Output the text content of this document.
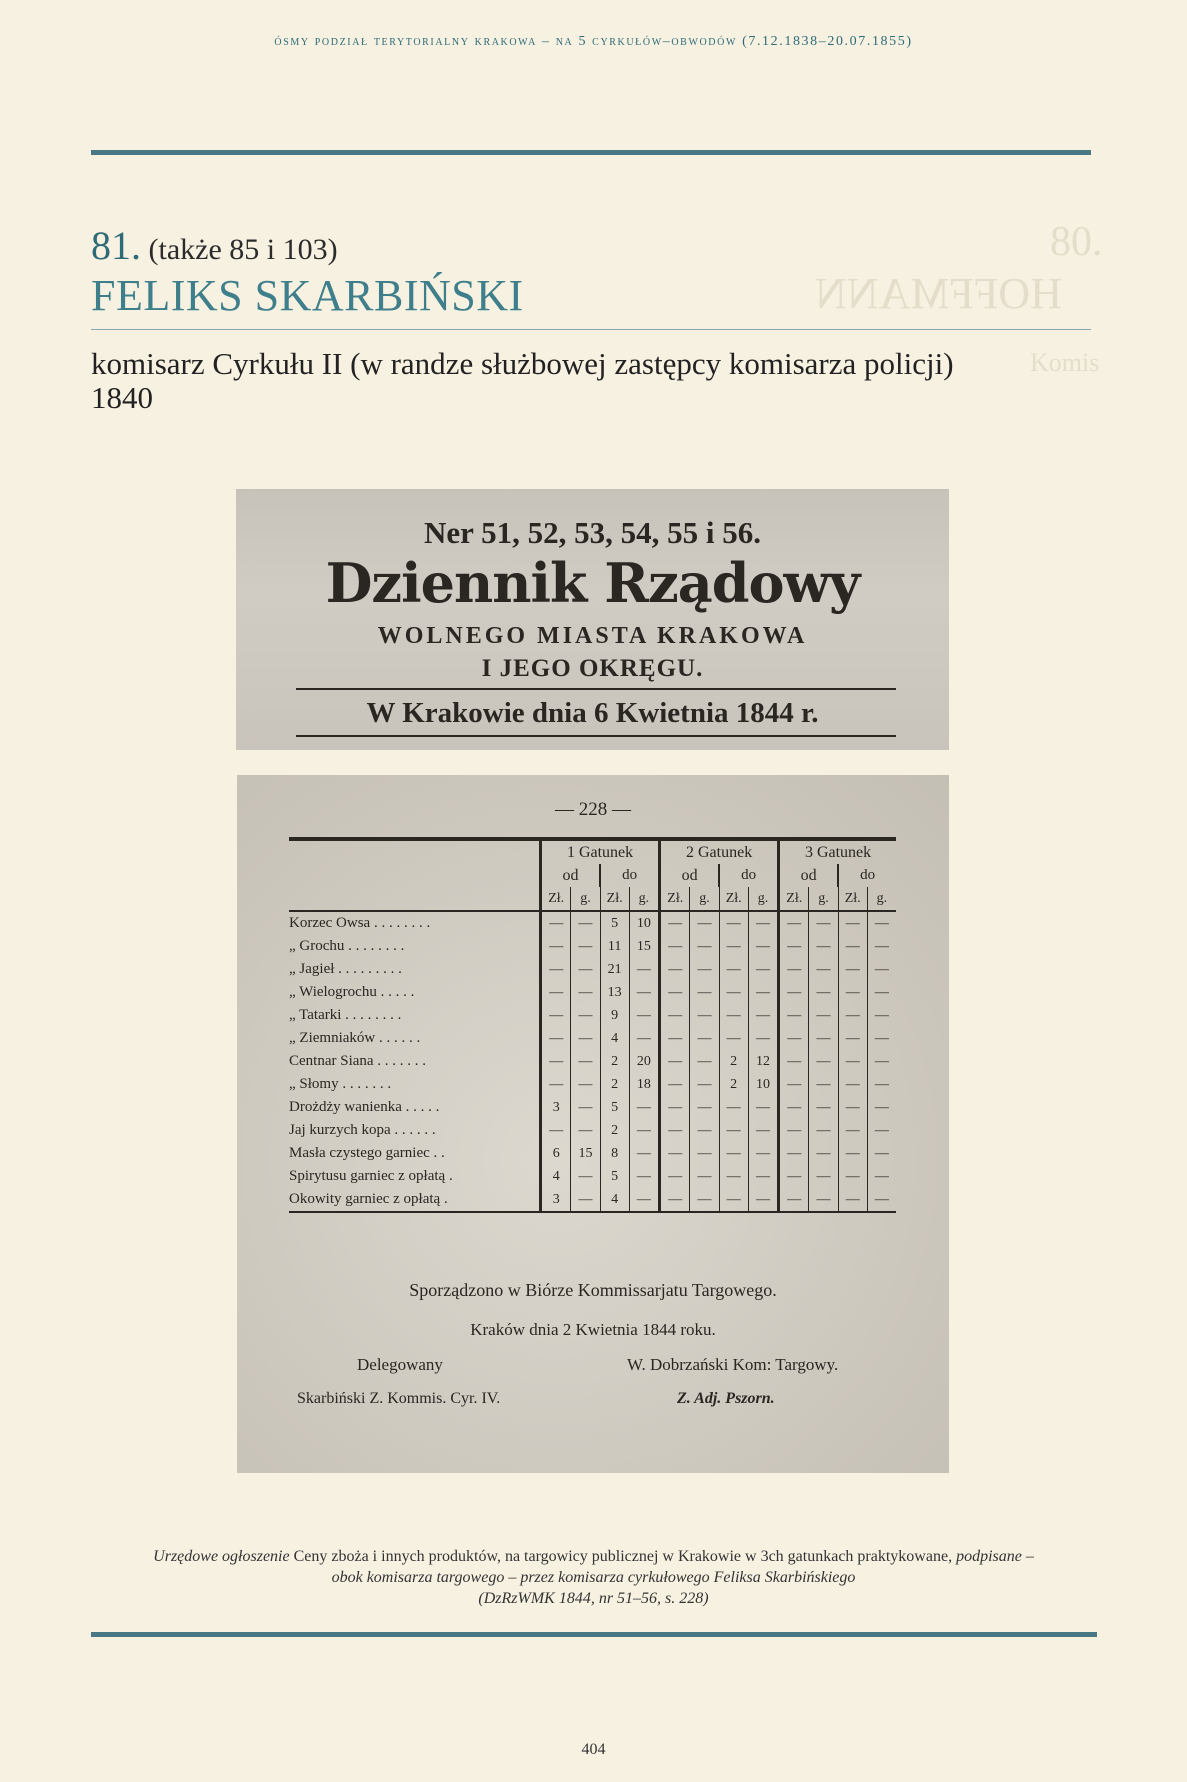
ósmy podział terytorialny krakowa – na 5 cyrkułów–obwodów (7.12.1838–20.07.1855)
80.
HOFFMANN
Komis
81. (także 85 i 103)
FELIKS SKARBIŃSKI
komisarz Cyrkułu II (w randze służbowej zastępcy komisarza policji)
1840
Ner 51, 52, 53, 54, 55 i 56.
Dziennik Rządowy
WOLNEGO MIASTA KRAKOWA
I JEGO OKRĘGU.
W Krakowie dnia 6 Kwietnia 1844 r.
— 228 —
	1 Gatunek				2 Gatunek				3 Gatunek			
	od		do		od		do		od		do	
	Zł.	g.	Zł.	g.	Zł.	g.	Zł.	g.	Zł.	g.	Zł.	g.
Korzec Owsa . . . . . . . .	—	—	5	10	—	—	—	—	—	—	—	—
„ Grochu . . . . . . . .	—	—	11	15	—	—	—	—	—	—	—	—
„ Jagieł . . . . . . . . .	—	—	21	—	—	—	—	—	—	—	—	—
„ Wielogrochu . . . . .	—	—	13	—	—	—	—	—	—	—	—	—
„ Tatarki . . . . . . . .	—	—	9	—	—	—	—	—	—	—	—	—
„ Ziemniaków . . . . . .	—	—	4	—	—	—	—	—	—	—	—	—
Centnar Siana . . . . . . .	—	—	2	20	—	—	2	12	—	—	—	—
„ Słomy . . . . . . .	—	—	2	18	—	—	2	10	—	—	—	—
Drożdży wanienka . . . . .	3	—	5	—	—	—	—	—	—	—	—	—
Jaj kurzych kopa . . . . . .	—	—	2	—	—	—	—	—	—	—	—	—
Masła czystego garniec . .	6	15	8	—	—	—	—	—	—	—	—	—
Spirytusu garniec z opłatą .	4	—	5	—	—	—	—	—	—	—	—	—
Okowity garniec z opłatą .	3	—	4	—	—	—	—	—	—	—	—	—
Sporządzono w Biórze Kommissarjatu Targowego.
Kraków dnia 2 Kwietnia 1844 roku.
Delegowany	W. Dobrzański Kom: Targowy.
Skarbiński Z. Kommis. Cyr. IV.	Z. Adj. Pszorn.
Urzędowe ogłoszenie Ceny zboża i innych produktów, na targowicy publicznej w Krakowie w 3ch gatunkach praktykowane, podpisane – obok komisarza targowego – przez komisarza cyrkułowego Feliksa Skarbińskiego
(DzRzWMK 1844, nr 51–56, s. 228)
404
